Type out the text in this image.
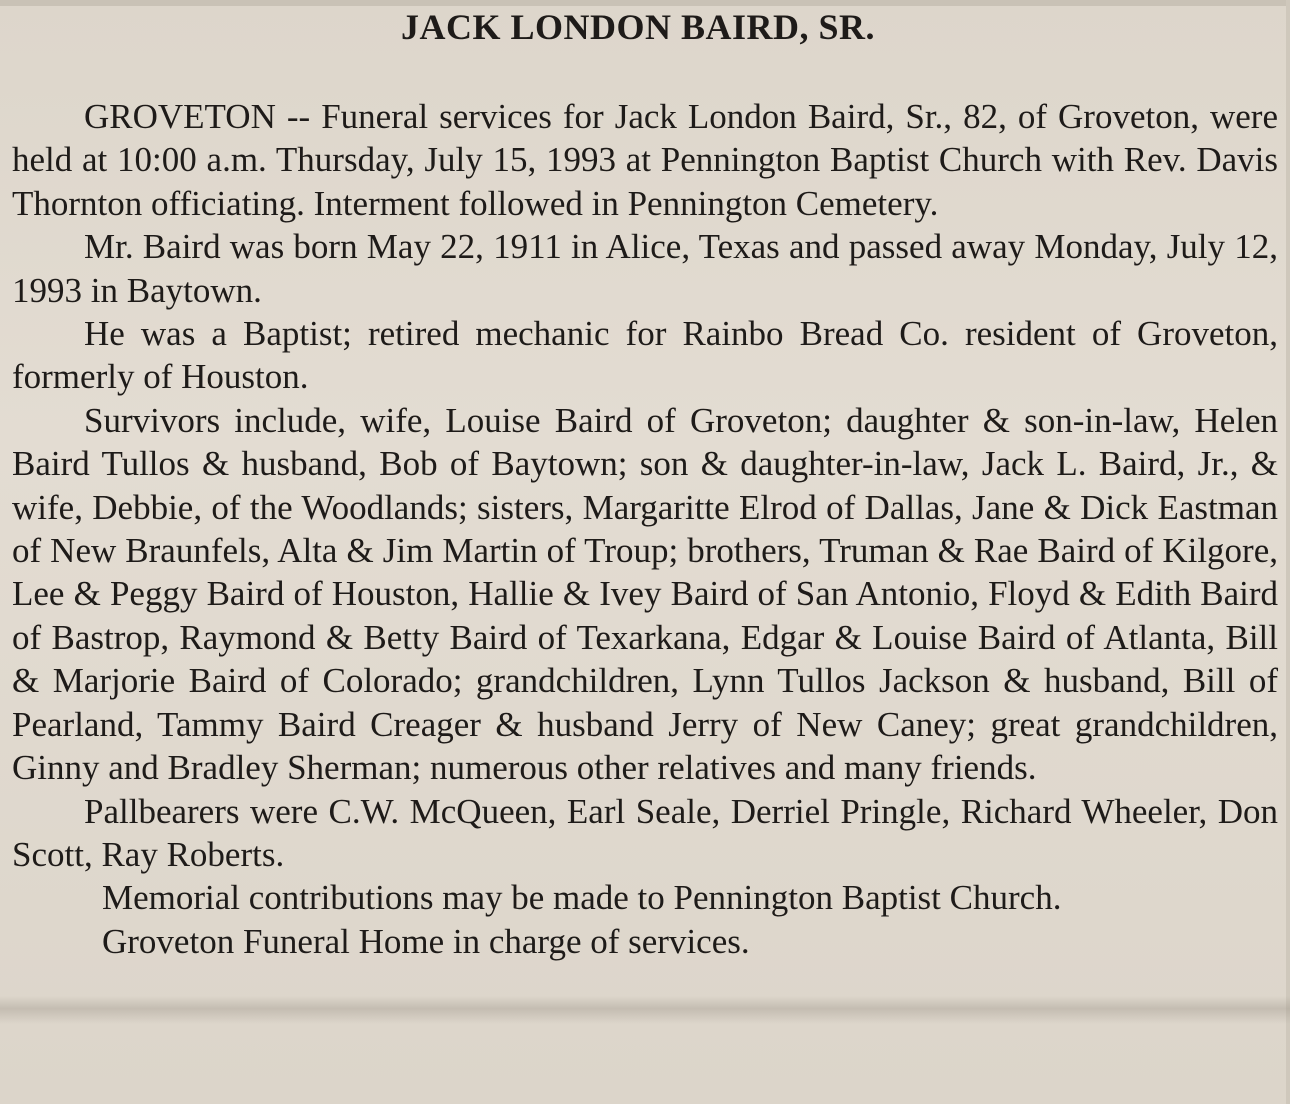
JACK LONDON BAIRD, SR.

GROVETON -- Funeral services for Jack London Baird, Sr., 82, of Groveton, were held at 10:00 a.m. Thursday, July 15, 1993 at Pennington Baptist Church with Rev. Davis Thornton officiating. Interment followed in Pennington Cemetery.

Mr. Baird was born May 22, 1911 in Alice, Texas and passed away Monday, July 12, 1993 in Baytown.

He was a Baptist; retired mechanic for Rainbo Bread Co. resident of Groveton, formerly of Houston.

Survivors include, wife, Louise Baird of Groveton; daughter & son-in-law, Helen Baird Tullos & husband, Bob of Baytown; son & daughter-in-law, Jack L. Baird, Jr., & wife, Debbie, of the Woodlands; sisters, Margaritte Elrod of Dallas, Jane & Dick Eastman of New Braunfels, Alta & Jim Martin of Troup; brothers, Truman & Rae Baird of Kilgore, Lee & Peggy Baird of Houston, Hallie & Ivey Baird of San Antonio, Floyd & Edith Baird of Bastrop, Raymond & Betty Baird of Texarkana, Edgar & Louise Baird of Atlanta, Bill & Marjorie Baird of Colorado; grandchildren, Lynn Tullos Jackson & husband, Bill of Pearland, Tammy Baird Creager & husband Jerry of New Caney; great grandchildren, Ginny and Bradley Sherman; numerous other relatives and many friends.

Pallbearers were C.W. McQueen, Earl Seale, Derriel Pringle, Richard Wheeler, Don Scott, Ray Roberts.

Memorial contributions may be made to Pennington Baptist Church.

Groveton Funeral Home in charge of services.
